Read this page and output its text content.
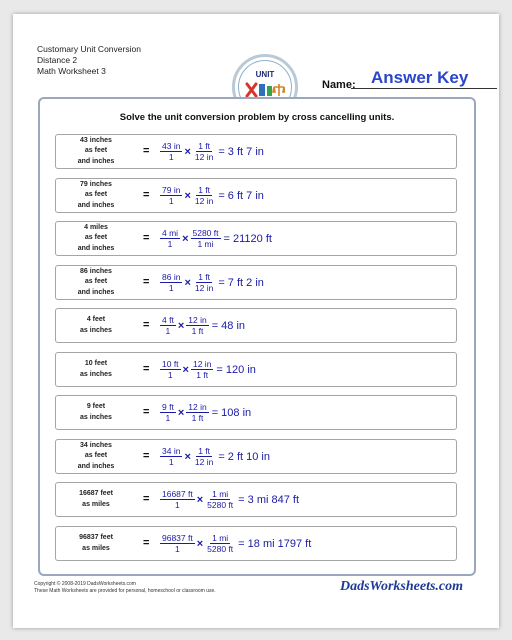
Customary Unit Conversion
Distance 2
Math Worksheet 3	UNIT
Name: Answer Key
Solve the unit conversion problem by cross cancelling units.
43 inches
as feet
and inches
= $\frac{43 in}{1} \times \frac{1 ft}{12 in} = 3$ ft 7 in
79 inches
as feet
and inches
= $\frac{79 in}{1} \times \frac{1 ft}{12 in} = 6$ ft 7 in
4 miles
as feet
and inches
= $\frac{4 mi}{1} \times \frac{5280 ft}{1 mi} = 21120$ ft
86 inches
as feet
and inches
= $\frac{86 in}{1} \times \frac{1 ft}{12 in} = 7$ ft 2 in
4 feet
as inches	= $\frac{4 ft}{1} \times \frac{12 in}{1 ft} = 48$ in
10 feet
as inches	= $\frac{10 ft}{1} \times \frac{12 in}{1 ft} = 120$ in
9 feet
as inches	= $\frac{9 ft}{1} \times \frac{12 in}{1 ft} = 108$ in
34 inches
as feet
and inches
= $\frac{34 in}{1} \times \frac{1 ft}{12 in} = 2$ ft 10 in
16687 feet
as miles	= $\frac{16687 ft}{1} \times \frac{1 mi}{5280 ft} = 3$ mi 847 ft
96837 feet
as miles	= $\frac{96837 ft}{1} \times \frac{1 mi}{5280 ft} = 18$ mi 1797 ft
Copyright © 2008-2019 DadsWorksheets.com
These Math Worksheets are provided for personal, homeschool or classroom use.	DadsWorksheets.com
